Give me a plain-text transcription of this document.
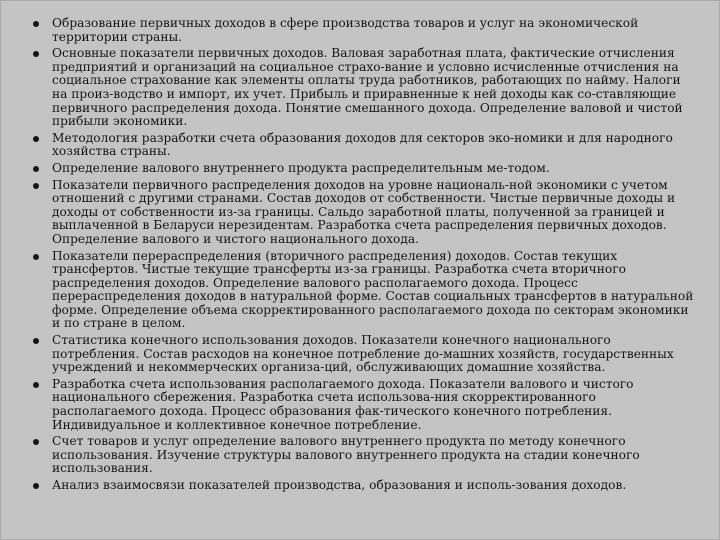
Образование первичных доходов в сфере производства товаров и услуг на экономической территории страны.
Основные показатели первичных доходов. Валовая заработная плата, фактические отчисления предприятий и организаций на социальное страхо-вание и условно исчисленные отчисления на социальное страхование как элементы оплаты труда работников, работающих по найму. Налоги на произ-водство и импорт, их учет. Прибыль и приравненные к ней доходы как со-ставляющие первичного распределения дохода. Понятие смешанного дохода. Определение валовой и чистой прибыли экономики.
Методология разработки счета образования доходов для секторов эко-номики и для народного хозяйства страны.
Определение валового внутреннего продукта распределительным ме-тодом.
Показатели первичного распределения доходов на уровне националь-ной экономики с учетом отношений с другими странами. Состав доходов от собственности. Чистые первичные доходы и доходы от собственности из-за границы. Сальдо заработной платы, полученной за границей и выплаченной в Беларуси нерезидентам. Разработка счета распределения первичных доходов. Определение валового и чистого национального дохода.
Показатели перераспределения (вторичного распределения) доходов. Состав текущих трансфертов. Чистые текущие трансферты из-за границы. Разработка счета вторичного распределения доходов. Определение валового располагаемого дохода. Процесс перераспределения доходов в натуральной форме. Состав социальных трансфертов в натуральной форме. Определение объема скорректированного располагаемого дохода по секторам экономики и по стране в целом.
Статистика конечного использования доходов. Показатели конечного национального потребления. Состав расходов на конечное потребление до-машних хозяйств, государственных учреждений и некоммерческих организа-ций, обслуживающих домашние хозяйства.
Разработка счета использования располагаемого дохода. Показатели валового и чистого национального сбережения. Разработка счета использова-ния скорректированного располагаемого дохода. Процесс образования фак-тического конечного потребления. Индивидуальное и коллективное конечное потребление.
Счет товаров и услуг определение валового внутреннего продукта по методу конечного использования. Изучение структуры валового внутреннего продукта на стадии конечного использования.
Анализ взаимосвязи показателей производства, образования и исполь-зования доходов.
